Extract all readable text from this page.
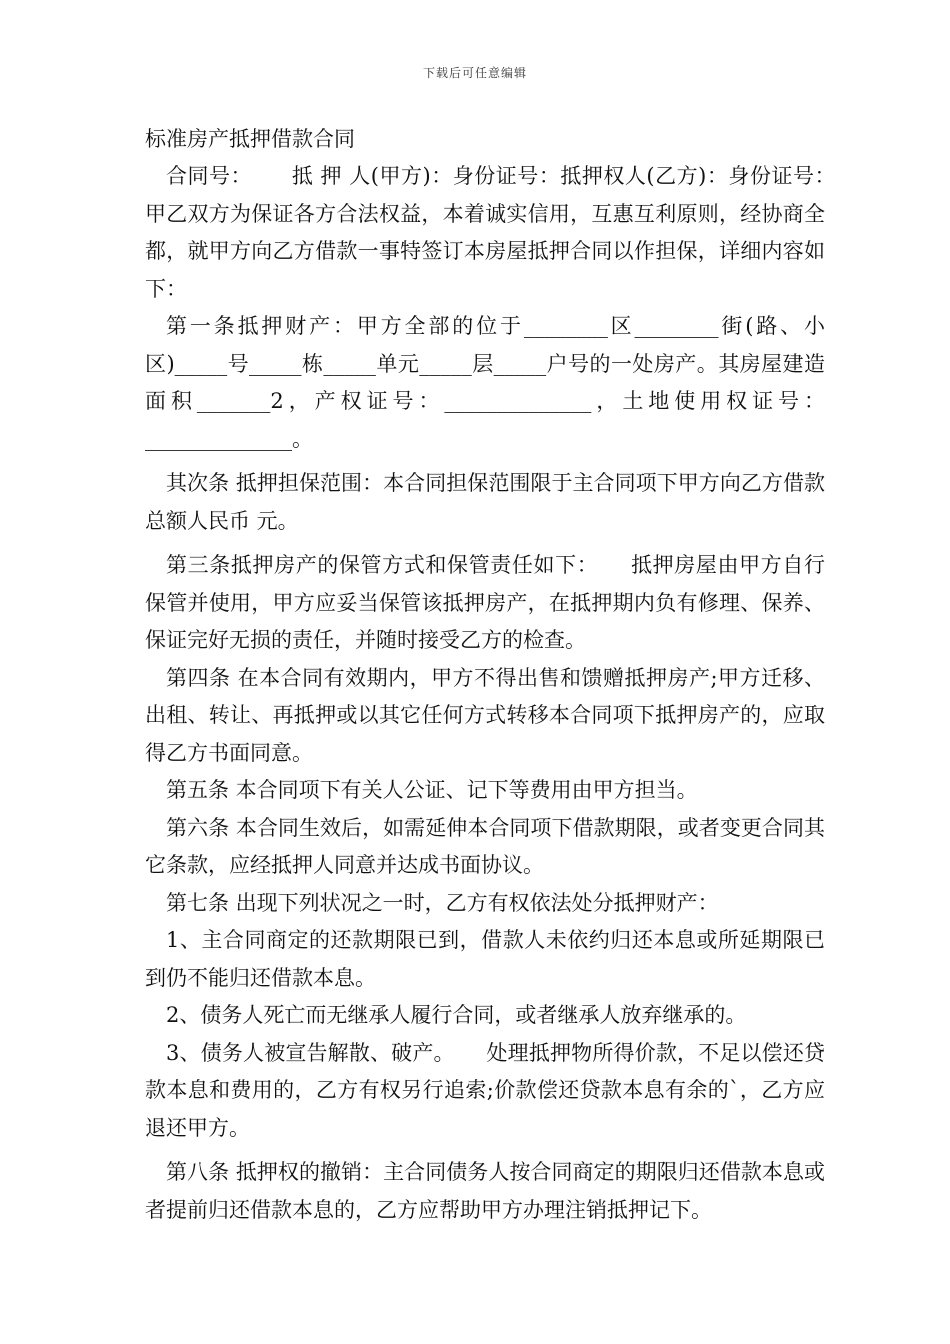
下载后可任意编辑
标准房产抵押借款合同

合同号：　　 抵 押 人(甲方)：身份证号：抵押权人(乙方)：身份证号：　　甲乙双方为保证各方合法权益，本着诚实信用，互惠互利原则，经协商全都，就甲方向乙方借款一事特签订本房屋抵押合同以作担保，详细内容如下：

第一条抵押财产：甲方全部的位于________区________街(路、小区)_____号_____栋_____单元_____层_____户号的一处房产。其房屋建造面积_______2，产权证号：______________，土地使用权证号：______________。

其次条 抵押担保范围：本合同担保范围限于主合同项下甲方向乙方借款总额人民币 元。

第三条抵押房产的保管方式和保管责任如下：　　抵押房屋由甲方自行保管并使用，甲方应妥当保管该抵押房产，在抵押期内负有修理、保养、保证完好无损的责任，并随时接受乙方的检查。

第四条 在本合同有效期内，甲方不得出售和馈赠抵押房产;甲方迁移、出租、转让、再抵押或以其它任何方式转移本合同项下抵押房产的，应取得乙方书面同意。

第五条 本合同项下有关人公证、记下等费用由甲方担当。

第六条 本合同生效后，如需延伸本合同项下借款期限，或者变更合同其它条款，应经抵押人同意并达成书面协议。

第七条 出现下列状况之一时，乙方有权依法处分抵押财产：

1、主合同商定的还款期限已到，借款人未依约归还本息或所延期限已到仍不能归还借款本息。

2、债务人死亡而无继承人履行合同，或者继承人放弃继承的。

3、债务人被宣告解散、破产。　　处理抵押物所得价款，不足以偿还贷款本息和费用的，乙方有权另行追索;价款偿还贷款本息有余的`，乙方应退还甲方。

第八条 抵押权的撤销：主合同债务人按合同商定的期限归还借款本息或者提前归还借款本息的，乙方应帮助甲方办理注销抵押记下。
